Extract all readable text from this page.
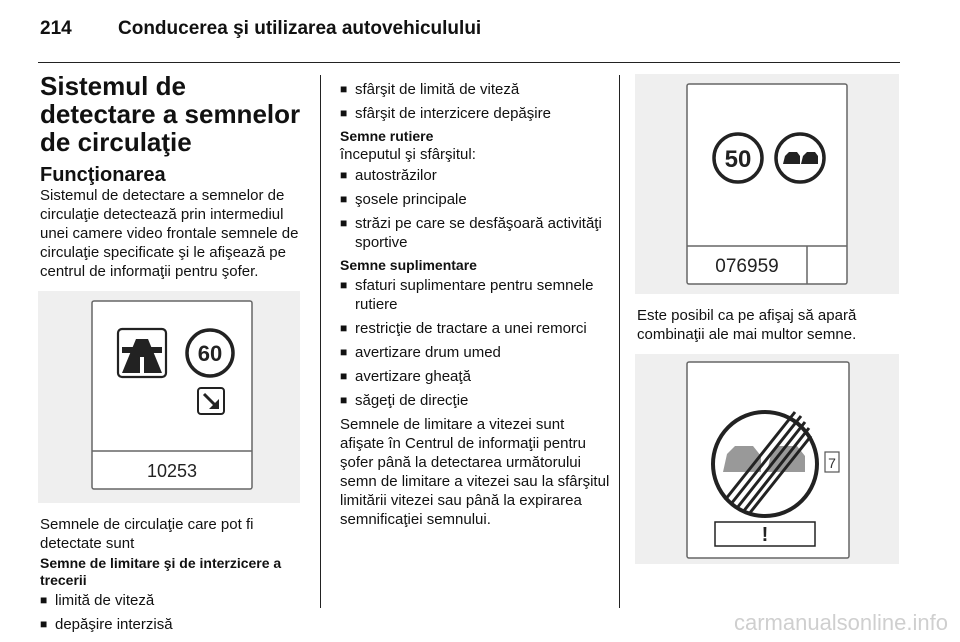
214 Conducerea şi utilizarea autovehiculului
Sistemul de detectare a semnelor de circulaţie
Funcţionarea

Sistemul de detectare a semnelor de circulaţie detectează prin intermediul unei camere video frontale semnele de circulaţie specificate şi le afişează pe centrul de informaţii pentru şofer.

60
10253

Semnele de circulaţie care pot fi detectate sunt

Semne de limitare şi de interzicere a trecerii

■ limită de viteză
■ depăşire interzisă
■ sfârşit de limită de viteză
■ sfârşit de interzicere depăşire

Semne rutiere

începutul şi sfârşitul:

■ autostrăzilor
■ şosele principale
■ străzi pe care se desfăşoară activităţi sportive

Semne suplimentare

■ sfaturi suplimentare pentru semnele rutiere
■ restricţie de tractare a unei remorci
■ avertizare drum umed
■ avertizare gheaţă
■ săgeţi de direcţie

Semnele de limitare a vitezei sunt afişate în Centrul de informaţii pentru şofer până la detectarea următorului semn de limitare a vitezei sau la sfârşitul limitării vitezei sau până la expirarea semnificaţiei semnului.

50
076959

Este posibil ca pe afişaj să apară combinaţii ale mai multor semne.

7
!
carmanualsonline.info
